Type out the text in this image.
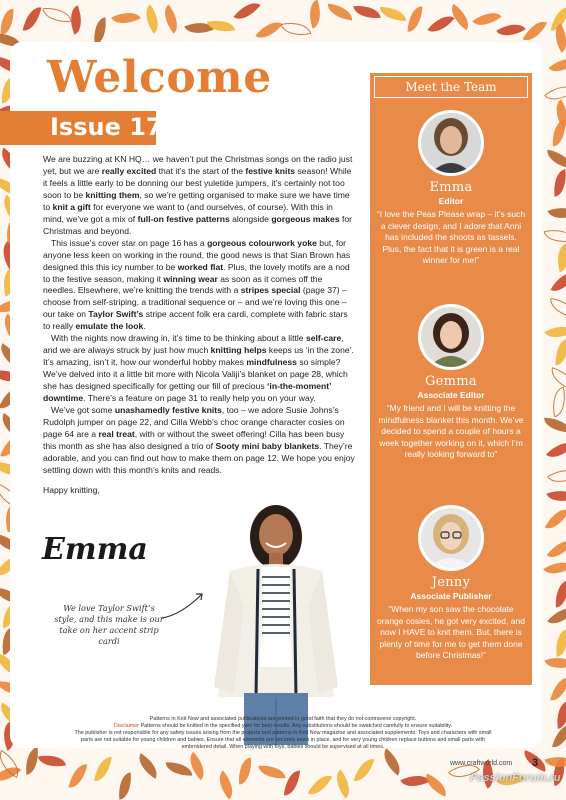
Welcome
Issue 171

We are buzzing at KN HQ… we haven’t put the Christmas songs on the radio just yet, but we are really excited that it’s the start of the festive knits season! While it feels a little early to be donning our best yuletide jumpers, it’s certainly not too soon to be knitting them, so we’re getting organised to make sure we have time to knit a gift for everyone we want to (and ourselves, of course). With this in mind, we’ve got a mix of full-on festive patterns alongside gorgeous makes for Christmas and beyond.

This issue’s cover star on page 16 has a gorgeous colourwork yoke but, for anyone less keen on working in the round, the good news is that Sian Brown has designed this this icy number to be worked flat. Plus, the lovely motifs are a nod to the festive season, making it winning wear as soon as it comes off the needles. Elsewhere, we’re knitting the trends with a stripes special (page 37) – choose from self-striping, a traditional sequence or – and we’re loving this one – our take on Taylor Swift’s stripe accent folk era cardi, complete with fabric stars to really emulate the look.

With the nights now drawing in, it’s time to be thinking about a little self-care, and we are always struck by just how much knitting helps keeps us ‘in the zone’. It’s amazing, isn’t it, how our wonderful hobby makes mindfulness so simple? We’ve delved into it a little bit more with Nicola Valiji’s blanket on page 28, which she has designed specifically for getting our fill of precious ‘in-the-moment’ downtime. There’s a feature on page 31 to really help you on your way.

We’ve got some unashamedly festive knits, too – we adore Susie Johns’s Rudolph jumper on page 22, and Cilla Webb’s choc orange character cosies on page 64 are a real treat, with or without the sweet offering! Cilla has been busy this month as she has also designed a trio of Sooty mini baby blankets. They’re adorable, and you can find out how to make them on page 12. We hope you enjoy settling down with this month’s knits and reads.

Happy knitting,

Emma
We love Taylor Swift’s style, and this make is our take on her accent strip cardi
Meet the Team
Emma
Editor
“I love the Peas Please wrap – it’s such a clever design, and I adore that Anni has included the shoots as tassels. Plus, the fact that it is green is a real winner for me!”
Gemma
Associate Editor
“My friend and I will be knitting the mindfulness blanket this month. We’ve decided to spend a couple of hours a week together working on it, which I’m really looking forward to”
Jenny
Associate Publisher
“When my son saw the chocolate orange cosies, he got very excited, and now I HAVE to knit them. But, there is plenty of time for me to get them done before Christmas!”
Patterns in Knit Now and associated publications are printed in good faith that they do not contravene copyright.
Disclaimer Patterns should be knitted in the specified yarn for best results. Any substitutions should be swatched carefully to ensure suitability.
The publisher is not responsible for any safety issues arising from the projects and patterns in Knit Now magazine and associated supplements. Toys and characters with small parts are not suitable for young children and babies. Ensure that all elements are securely sewn in place, and for very young children replace buttons and small parts with embroidered detail. When playing with toys, babies should be supervised at all times.
www.craftworld.com 3
PassionForum.ru
